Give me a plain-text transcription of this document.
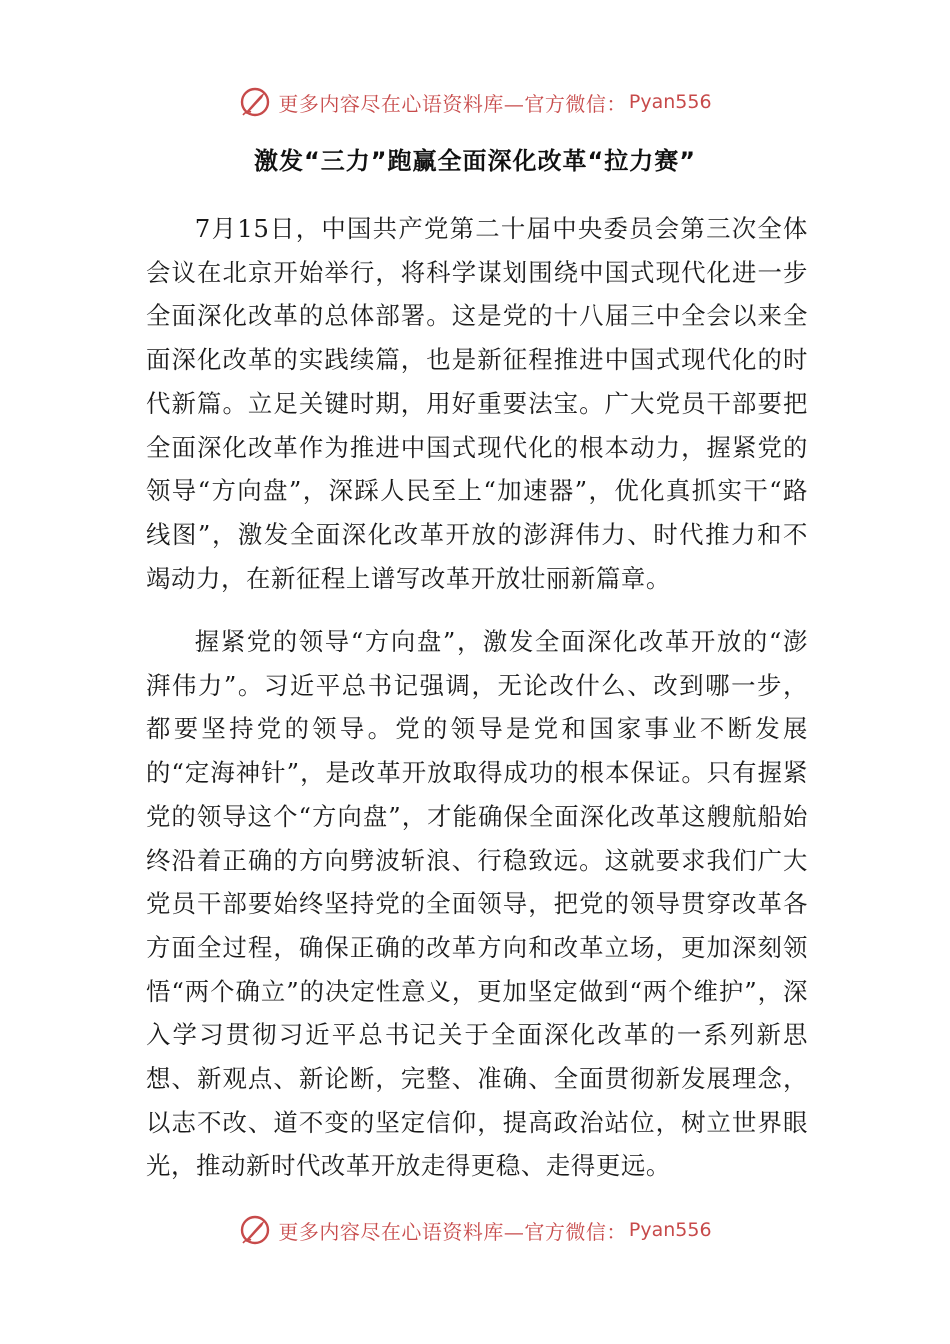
更多内容尽在心语资料库—官方微信： Pyan556
激发“三力”跑赢全面深化改革“拉力赛”

7月15日，中国共产党第二十届中央委员会第三次全体会议在北京开始举行，将科学谋划围绕中国式现代化进一步全面深化改革的总体部署。这是党的十八届三中全会以来全面深化改革的实践续篇，也是新征程推进中国式现代化的时代新篇。立足关键时期，用好重要法宝。广大党员干部要把全面深化改革作为推进中国式现代化的根本动力，握紧党的领导“方向盘”，深踩人民至上“加速器”，优化真抓实干“路线图”，激发全面深化改革开放的澎湃伟力、时代推力和不竭动力，在新征程上谱写改革开放壮丽新篇章。

握紧党的领导“方向盘”，激发全面深化改革开放的“澎湃伟力”。习近平总书记强调，无论改什么、改到哪一步，都要坚持党的领导。党的领导是党和国家事业不断发展的“定海神针”，是改革开放取得成功的根本保证。只有握紧党的领导这个“方向盘”，才能确保全面深化改革这艘航船始终沿着正确的方向劈波斩浪、行稳致远。这就要求我们广大党员干部要始终坚持党的全面领导，把党的领导贯穿改革各方面全过程，确保正确的改革方向和改革立场，更加深刻领悟“两个确立”的决定性意义，更加坚定做到“两个维护”，深入学习贯彻习近平总书记关于全面深化改革的一系列新思想、新观点、新论断，完整、准确、全面贯彻新发展理念，以志不改、道不变的坚定信仰，提高政治站位，树立世界眼光，推动新时代改革开放走得更稳、走得更远。

更多内容尽在心语资料库—官方微信： Pyan556
